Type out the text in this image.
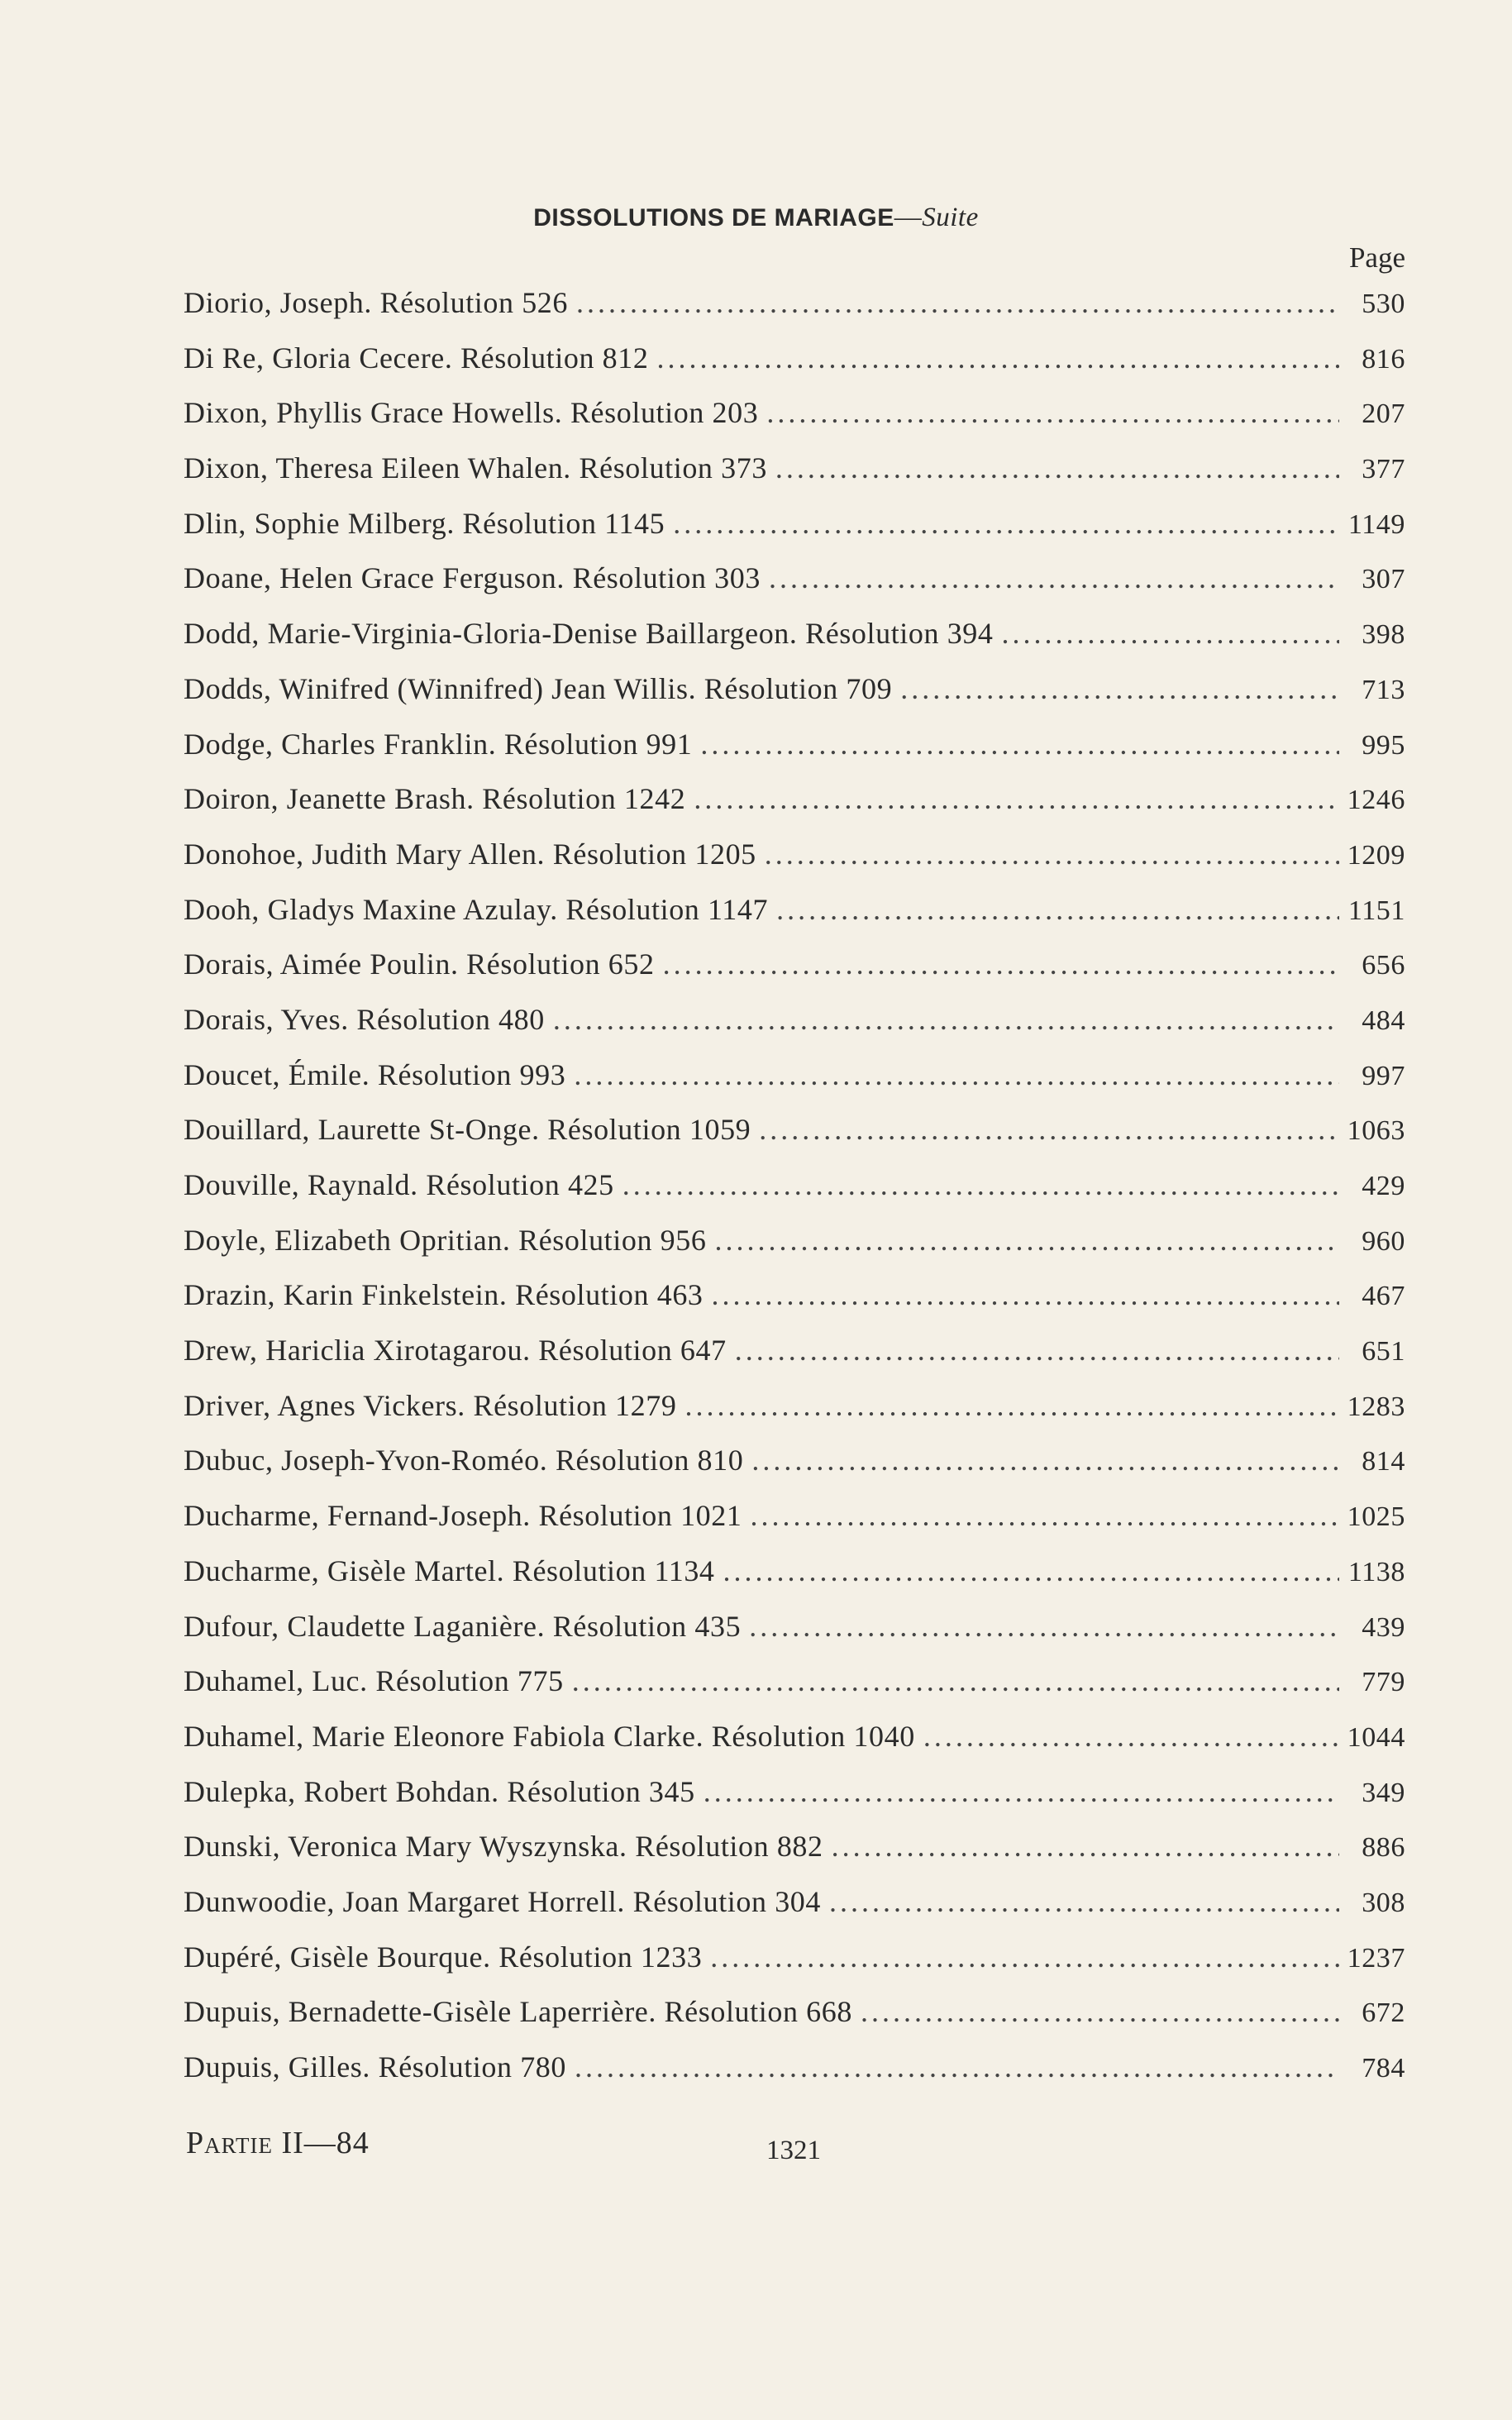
DISSOLUTIONS DE MARIAGE—Suite
Page
Diorio, Joseph. Résolution 526 .....	530
Di Re, Gloria Cecere. Résolution 812 .....	816
Dixon, Phyllis Grace Howells. Résolution 203 .....	207
Dixon, Theresa Eileen Whalen. Résolution 373 .....	377
Dlin, Sophie Milberg. Résolution 1145 .....	1149
Doane, Helen Grace Ferguson. Résolution 303 .....	307
Dodd, Marie-Virginia-Gloria-Denise Baillargeon. Résolution 394 .....	398
Dodds, Winifred (Winnifred) Jean Willis. Résolution 709 .....	713
Dodge, Charles Franklin. Résolution 991 .....	995
Doiron, Jeanette Brash. Résolution 1242 .....	1246
Donohoe, Judith Mary Allen. Résolution 1205 .....	1209
Dooh, Gladys Maxine Azulay. Résolution 1147 .....	1151
Dorais, Aimée Poulin. Résolution 652 .....	656
Dorais, Yves. Résolution 480 .....	484
Doucet, Émile. Résolution 993 .....	997
Douillard, Laurette St-Onge. Résolution 1059 .....	1063
Douville, Raynald. Résolution 425 .....	429
Doyle, Elizabeth Opritian. Résolution 956 .....	960
Drazin, Karin Finkelstein. Résolution 463 .....	467
Drew, Hariclia Xirotagarou. Résolution 647 .....	651
Driver, Agnes Vickers. Résolution 1279 .....	1283
Dubuc, Joseph-Yvon-Roméo. Résolution 810 .....	814
Ducharme, Fernand-Joseph. Résolution 1021 .....	1025
Ducharme, Gisèle Martel. Résolution 1134 .....	1138
Dufour, Claudette Laganière. Résolution 435 .....	439
Duhamel, Luc. Résolution 775 .....	779
Duhamel, Marie Eleonore Fabiola Clarke. Résolution 1040 .....	1044
Dulepka, Robert Bohdan. Résolution 345 .....	349
Dunski, Veronica Mary Wyszynska. Résolution 882 .....	886
Dunwoodie, Joan Margaret Horrell. Résolution 304 .....	308
Dupéré, Gisèle Bourque. Résolution 1233 .....	1237
Dupuis, Bernadette-Gisèle Laperrière. Résolution 668 .....	672
Dupuis, Gilles. Résolution 780 .....	784
Partie II—84	1321
